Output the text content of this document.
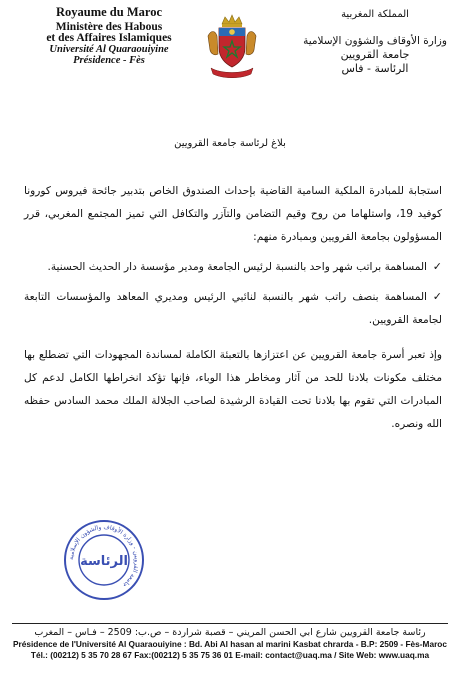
Royaume du Maroc
Ministère des Habous
et des Affaires Islamiques
Université Al Quaraouiyine
Présidence - Fès
المملكة المغربية
وزارة الأوقاف والشؤون الإسلامية
جامعة القرويين
الرئاسة - فاس
بلاغ لرئاسة جامعة القرويين

استجابة للمبادرة الملكية السامية القاضية بإحداث الصندوق الخاص بتدبير جائحة فيروس كورونا كوفيد 19، واستلهاما من روح وقيم التضامن والتآزر والتكافل التي تميز المجتمع المغربي، قرر المسؤولون بجامعة القرويين وبمبادرة منهم:

✓المساهمة براتب شهر واحد بالنسبة لرئيس الجامعة ومدير مؤسسة دار الحديث الحسنية.

✓المساهمة بنصف راتب شهر بالنسبة لنائبي الرئيس ومديري المعاهد والمؤسسات التابعة لجامعة القرويين.

وإذ تعبر أسرة جامعة القرويين عن اعتزازها بالتعبئة الكاملة لمساندة المجهودات التي تضطلع بها مختلف مكونات بلادنا للحد من آثار ومخاطر هذا الوباء، فإنها تؤكد انخراطها الكامل لدعم كل المبادرات التي تقوم بها بلادنا تحت القيادة الرشيدة لصاحب الجلالة الملك محمد السادس حفظه الله ونصره.

جامعة القرويين - وزارة الأوقاف والشؤون الإسلامية
الرئاسة
رئاسة جامعة القرويين شارع ابي الحسن المريني – قصبة شراردة – ص.ب: 2509 – فـاس – المغرب
Présidence de l'Université Al Quaraouiyine : Bd. Abi Al hasan al marini Kasbat chrarda - B.P: 2509 - Fès-Maroc
Tél.: (00212) 5 35 70 28 67 Fax:(00212) 5 35 75 36 01 E-mail: contact@uaq.ma / Site Web: www.uaq.ma
